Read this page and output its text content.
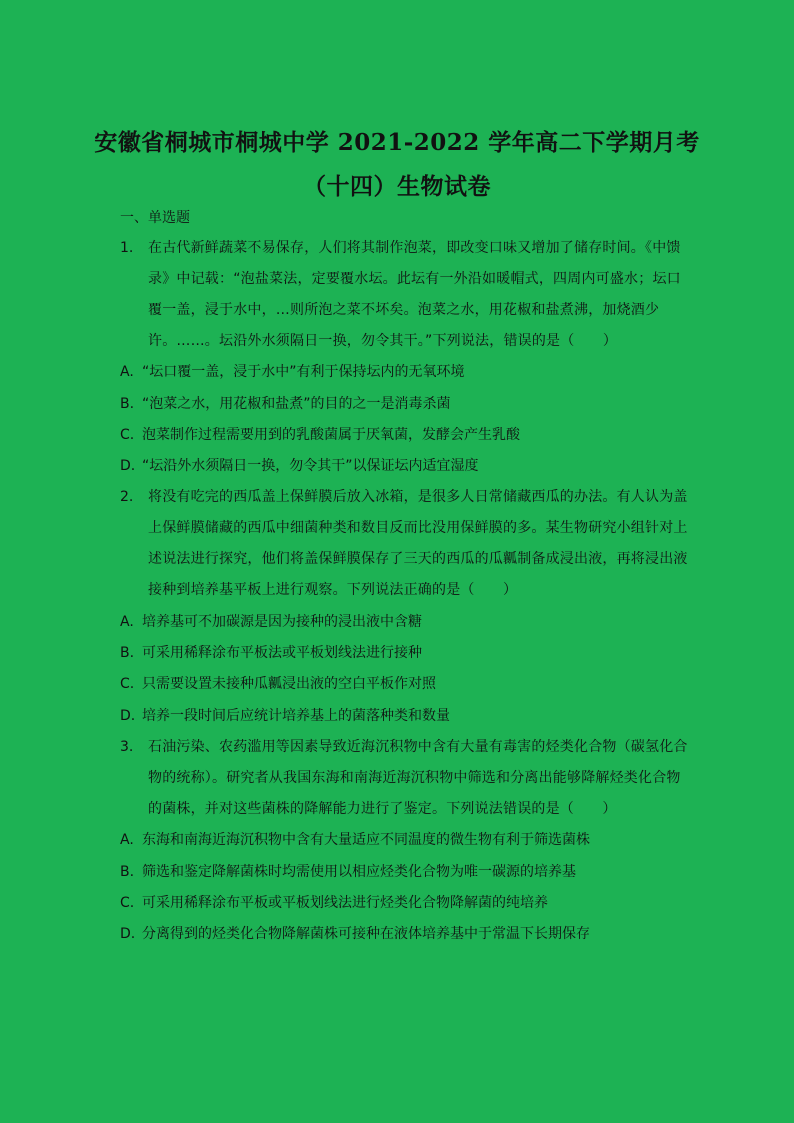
安徽省桐城市桐城中学 2021-2022 学年高二下学期月考
（十四）生物试卷
一、单选题
1. 在古代新鲜蔬菜不易保存，人们将其制作泡菜，即改变口味又增加了储存时间。《中馈
录》中记载：“泡盐菜法，定要覆水坛。此坛有一外沿如暖帽式，四周内可盛水；坛口
覆一盖，浸于水中，…则所泡之菜不坏矣。泡菜之水，用花椒和盐煮沸，加烧酒少
许。……。坛沿外水须隔日一换，勿令其干。”下列说法，错误的是（　　）
A. “坛口覆一盖，浸于水中”有利于保持坛内的无氧环境
B. “泡菜之水，用花椒和盐煮”的目的之一是消毒杀菌
C. 泡菜制作过程需要用到的乳酸菌属于厌氧菌，发酵会产生乳酸
D. “坛沿外水须隔日一换，勿令其干”以保证坛内适宜湿度
2. 将没有吃完的西瓜盖上保鲜膜后放入冰箱，是很多人日常储藏西瓜的办法。有人认为盖
上保鲜膜储藏的西瓜中细菌种类和数目反而比没用保鲜膜的多。某生物研究小组针对上
述说法进行探究，他们将盖保鲜膜保存了三天的西瓜的瓜瓤制备成浸出液，再将浸出液
接种到培养基平板上进行观察。下列说法正确的是（　　）
A. 培养基可不加碳源是因为接种的浸出液中含糖
B. 可采用稀释涂布平板法或平板划线法进行接种
C. 只需要设置未接种瓜瓤浸出液的空白平板作对照
D. 培养一段时间后应统计培养基上的菌落种类和数量
3. 石油污染、农药滥用等因素导致近海沉积物中含有大量有毒害的烃类化合物（碳氢化合
物的统称）。研究者从我国东海和南海近海沉积物中筛选和分离出能够降解烃类化合物
的菌株，并对这些菌株的降解能力进行了鉴定。下列说法错误的是（　　）
A. 东海和南海近海沉积物中含有大量适应不同温度的微生物有利于筛选菌株
B. 筛选和鉴定降解菌株时均需使用以相应烃类化合物为唯一碳源的培养基
C. 可采用稀释涂布平板或平板划线法进行烃类化合物降解菌的纯培养
D. 分离得到的烃类化合物降解菌株可接种在液体培养基中于常温下长期保存
